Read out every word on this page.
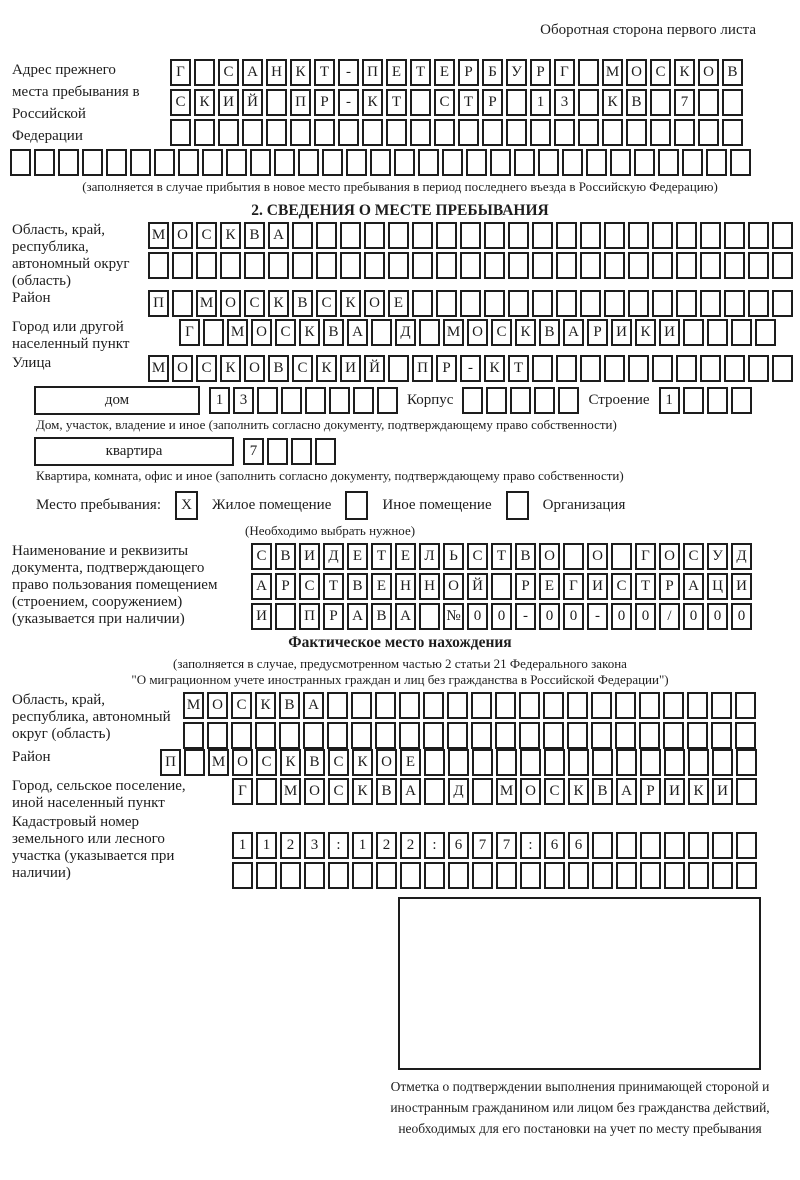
Оборотная сторона первого листа
Адрес прежнего места пребывания в Российской Федерации
Г	С А Н К Т	-	П Е Т Е	Р	Б У Р	Г	М О С К О В
С К И Й	П Р	-	К Т	С Т	Р	1	3	К В	7
(заполняется в случае прибытия в новое место пребывания в период последнего въезда в Российскую Федерацию)
2. СВЕДЕНИЯ О МЕСТЕ ПРЕБЫВАНИЯ
Область, край, республика, автономный округ (область)
М О С К В А
Район	П	М О С К В С К О Е
Город или другой населенный пункт
Г	М О С К В А	Д	М О С К В А Р И К И
Улица	М О С К О В С К И Й	П Р	-	К Т
дом	1	3	Корпус	Строение	1
Дом, участок, владение и иное (заполнить согласно документу, подтверждающему право собственности)
квартира	7
Квартира, комната, офис и иное (заполнить согласно документу, подтверждающему право собственности)
Место пребывания:	X	Жилое помещение	Иное помещение	Организация
(Необходимо выбрать нужное)
Наименование и реквизиты документа, подтверждающего право пользования помещением (строением, сооружением) (указывается при наличии)
С В И Д Е Т Е Л Ь С Т В О	О	Г О С У Д
А Р С Т В Е Н Н О Й	Р	Е	Г И С Т	Р А Ц И
И	П Р А В А	№ 0	0	-	0	0	-	0	0	/	0	0	0
Фактическое место нахождения
(заполняется в случае, предусмотренном частью 2 статьи 21 Федерального закона
"О миграционном учете иностранных граждан и лиц без гражданства в Российской Федерации")
Область, край, республика, автономный округ (область)
М О С К В А
Район	П	М О С К В С К О Е
Город, сельское поселение, иной населенный пункт
Г	М О С К В А	Д	М О С К В А Р И К И
Кадастровый номер земельного или лесного участка (указывается при наличии)
1	1	2	3	:	1	2	2	:	6	7	7	:	6	6
Отметка о подтверждении выполнения принимающей стороной и иностранным гражданином или лицом без гражданства действий, необходимых для его постановки на учет по месту пребывания
